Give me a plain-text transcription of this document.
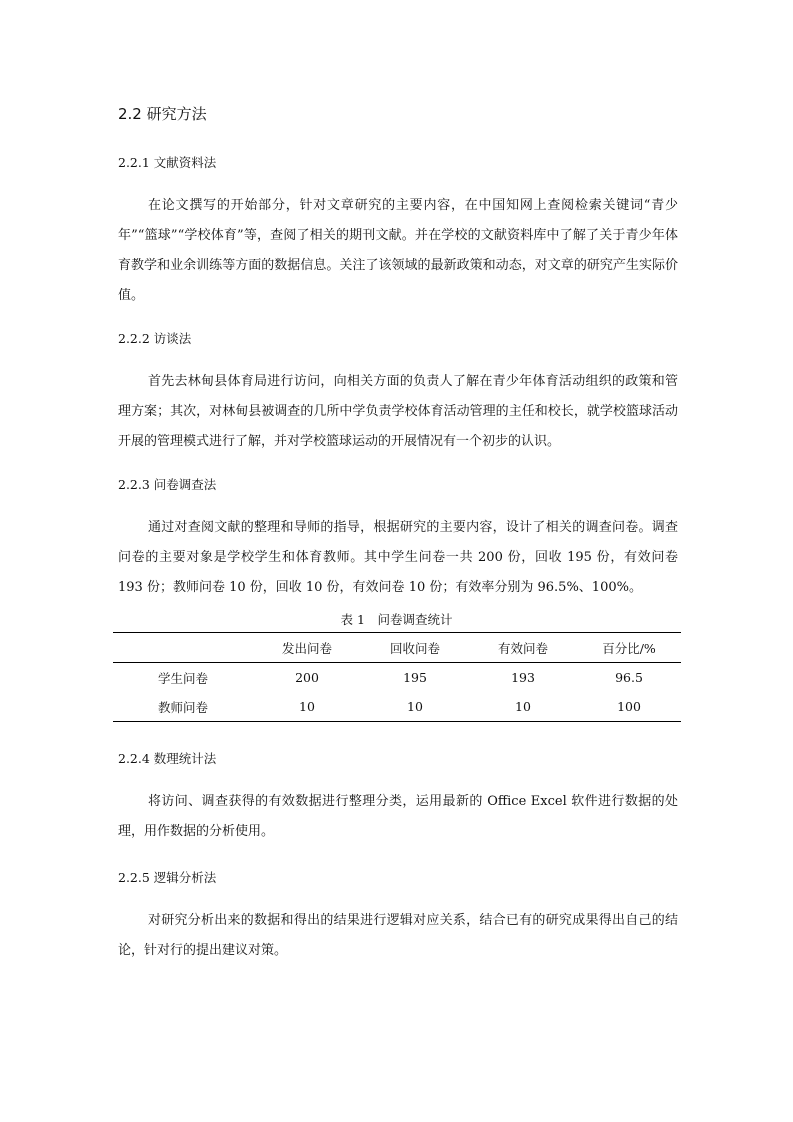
2.2 研究方法
2.2.1 文献资料法
在论文撰写的开始部分，针对文章研究的主要内容，在中国知网上查阅检索关键词“青少年”“篮球”“学校体育”等，查阅了相关的期刊文献。并在学校的文献资料库中了解了关于青少年体育教学和业余训练等方面的数据信息。关注了该领域的最新政策和动态，对文章的研究产生实际价值。
2.2.2 访谈法
首先去林甸县体育局进行访问，向相关方面的负责人了解在青少年体育活动组织的政策和管理方案；其次，对林甸县被调查的几所中学负责学校体育活动管理的主任和校长，就学校篮球活动开展的管理模式进行了解，并对学校篮球运动的开展情况有一个初步的认识。
2.2.3 问卷调查法
通过对查阅文献的整理和导师的指导，根据研究的主要内容，设计了相关的调查问卷。调查问卷的主要对象是学校学生和体育教师。其中学生问卷一共 200 份，回收 195 份，有效问卷 193 份；教师问卷 10 份，回收 10 份，有效问卷 10 份；有效率分别为 96.5%、100%。
表 1　问卷调查统计
	发出问卷	回收问卷	有效问卷	百分比/%
学生问卷	200	195	193	96.5
教师问卷	10	10	10	100
2.2.4 数理统计法
将访问、调查获得的有效数据进行整理分类，运用最新的 Office Excel 软件进行数据的处理，用作数据的分析使用。
2.2.5 逻辑分析法
对研究分析出来的数据和得出的结果进行逻辑对应关系，结合已有的研究成果得出自己的结论，针对行的提出建议对策。
